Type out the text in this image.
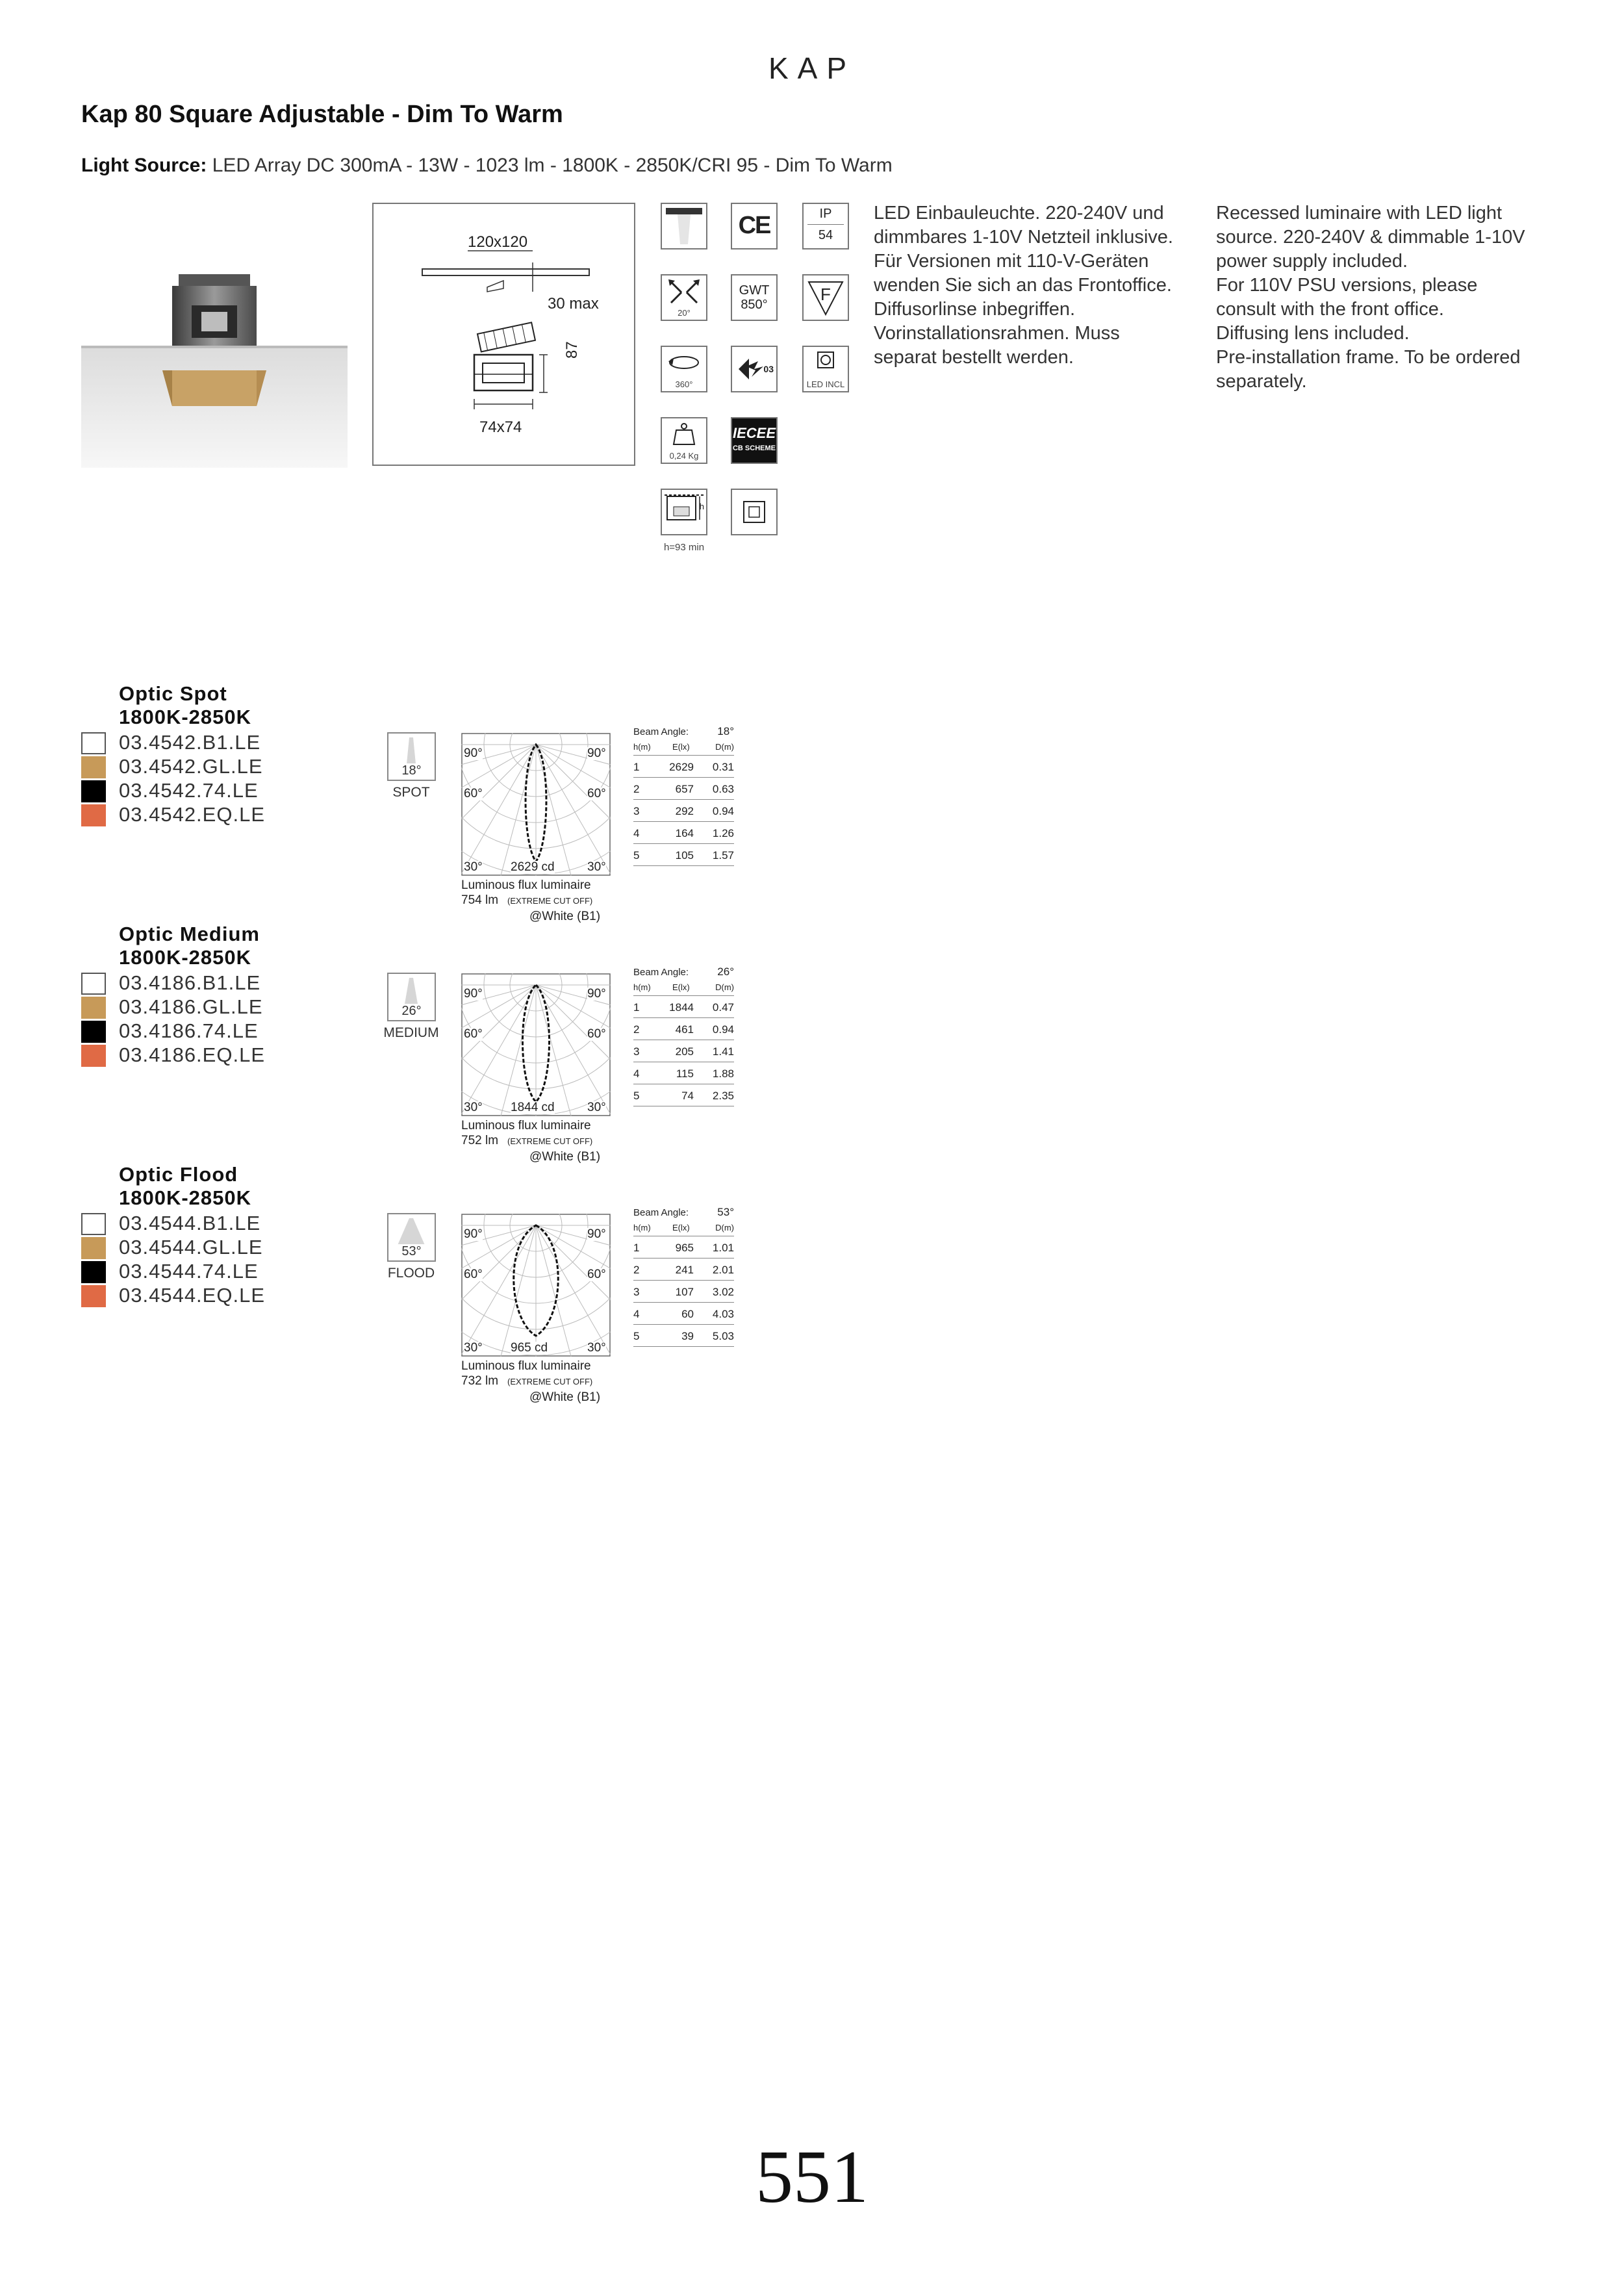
KAP
Kap 80 Square Adjustable - Dim To Warm
Light Source: LED Array DC 300mA - 13W - 1023 lm - 1800K - 2850K/CRI 95 - Dim To Warm
120x120
30 max
87
74x74
CE	IP
54
20°
GWT
850°
F
360°
03
LED INCL
0,24 Kg
IECEE
CB SCHEME
h
h=93 min
LED Einbauleuchte. 220-240V und
dimmbares 1-10V Netzteil inklusive.
Für Versionen mit 110-V-Geräten
wenden Sie sich an das Frontoffice.
Diffusorlinse inbegriffen.
Vorinstallationsrahmen. Muss
separat bestellt werden.
Recessed luminaire with LED light
source. 220-240V & dimmable 1-10V
power supply included.
For 110V PSU versions, please
consult with the front office.
Diffusing lens included.
Pre-installation frame. To be ordered
separately.
Optic Spot
1800K-2850K
03.4542.B1.LE
03.4542.GL.LE
03.4542.74.LE
03.4542.EQ.LE
18°
SPOT
90°	90°
60°	60°
30°	30°
2629 cd
Luminous flux luminaire
754 lm (EXTREME CUT OFF)
@White (B1)
Beam Angle:	18°
h(m)	E(lx)	D(m)
1	2629 0.31
2	657 0.63
3	292 0.94
4	164 1.26
5	105 1.57
Optic Medium
1800K-2850K
03.4186.B1.LE
03.4186.GL.LE
03.4186.74.LE
03.4186.EQ.LE
26°
MEDIUM
90°	90°
60°	60°
30°	30°
1844 cd
Luminous flux luminaire
752 lm (EXTREME CUT OFF)
@White (B1)
Beam Angle:	26°
h(m)	E(lx)	D(m)
1	1844 0.47
2	461 0.94
3	205 1.41
4	115 1.88
5	74 2.35
Optic Flood
1800K-2850K
03.4544.B1.LE
03.4544.GL.LE
03.4544.74.LE
03.4544.EQ.LE
53°
FLOOD
90°	90°
60°	60°
30°	30°
965 cd
Luminous flux luminaire
732 lm (EXTREME CUT OFF)
@White (B1)
Beam Angle:	53°
h(m)	E(lx)	D(m)
1	965 1.01
2	241 2.01
3	107 3.02
4	60 4.03
5	39 5.03
551
